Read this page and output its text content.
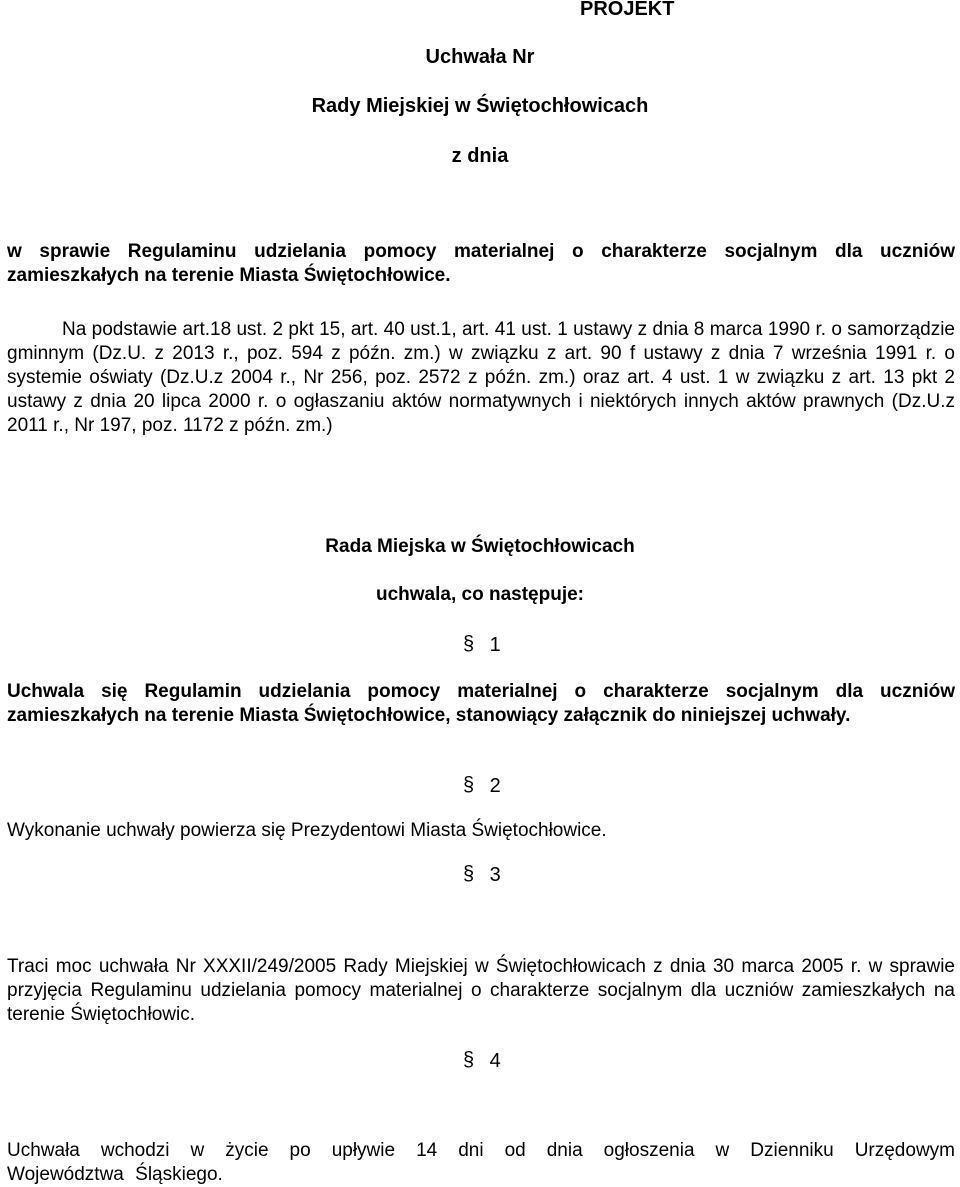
PROJEKT
Uchwała Nr
Rady Miejskiej w Świętochłowicach
z dnia
w sprawie Regulaminu udzielania pomocy materialnej o charakterze socjalnym dla uczniów zamieszkałych na terenie Miasta Świętochłowice.
Na podstawie art.18 ust. 2 pkt 15, art. 40 ust.1, art. 41 ust. 1 ustawy z dnia 8 marca 1990 r. o samorządzie gminnym (Dz.U. z 2013 r., poz. 594 z późn. zm.) w związku z art. 90 f ustawy z dnia 7 września 1991 r. o systemie oświaty (Dz.U.z 2004 r., Nr 256, poz. 2572 z późn. zm.) oraz art. 4 ust. 1 w związku z art. 13 pkt 2 ustawy z dnia 20 lipca 2000 r. o ogłaszaniu aktów normatywnych i niektórych innych aktów prawnych (Dz.U.z 2011 r., Nr 197, poz. 1172 z późn. zm.)
Rada Miejska w Świętochłowicach
uchwala, co następuje:
§ 1
Uchwala się Regulamin udzielania pomocy materialnej o charakterze socjalnym dla uczniów zamieszkałych na terenie Miasta Świętochłowice, stanowiący załącznik do niniejszej uchwały.
§ 2
Wykonanie uchwały powierza się Prezydentowi Miasta Świętochłowice.
§ 3
Traci moc uchwała Nr XXXII/249/2005 Rady Miejskiej w Świętochłowicach z dnia 30 marca 2005 r. w sprawie przyjęcia Regulaminu udzielania pomocy materialnej o charakterze socjalnym dla uczniów zamieszkałych na terenie Świętochłowic.
§ 4
Uchwała wchodzi w życie po upływie 14 dni od dnia ogłoszenia w Dzienniku Urzędowym Województwa Śląskiego.
